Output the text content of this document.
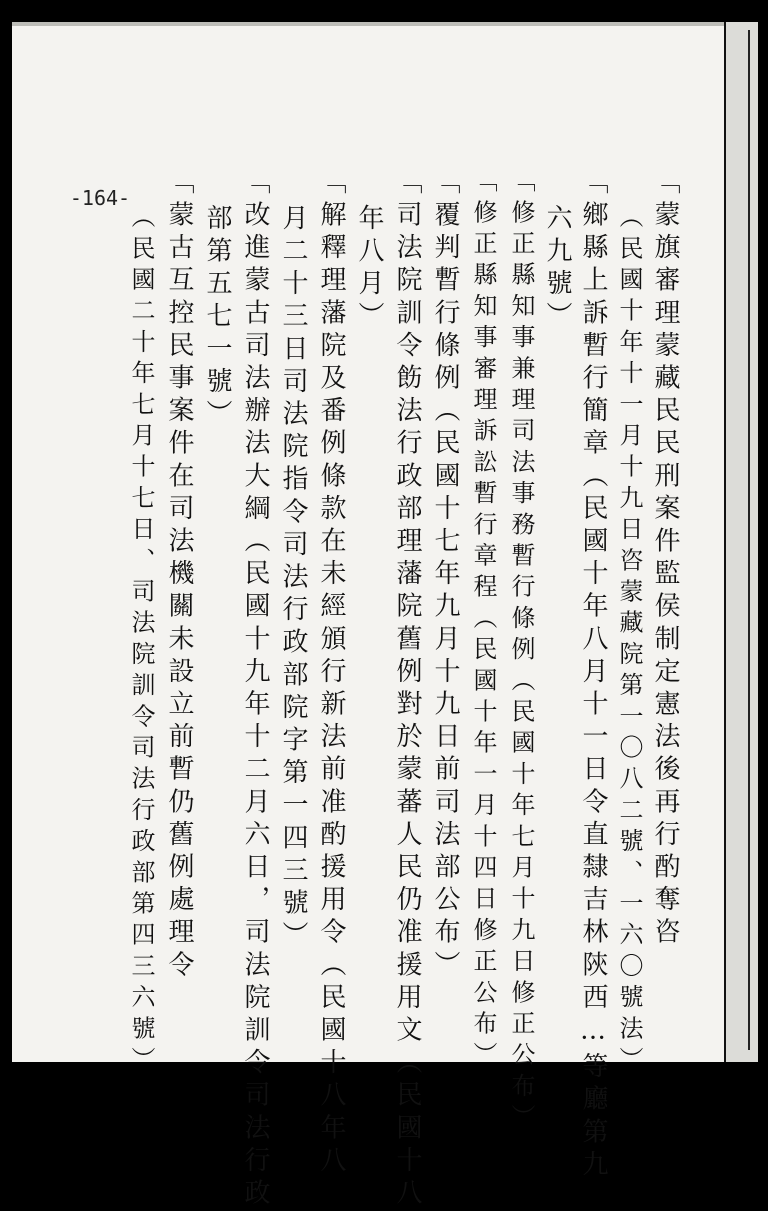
-164-	「蒙旗審理蒙藏民民刑案件監侯制定憲法後再行酌奪咨
（民國十年十一月十九日咨蒙藏院第一〇八二號、一六〇號法）
「鄉縣上訴暫行簡章（民國十年八月十一日令直隸吉林陝西…等廳第九
六九號）
「修正縣知事兼理司法事務暫行條例（民國十年七月十九日修正公布）
「修正縣知事審理訴訟暫行章程（民國十年一月十四日修正公布）
「覆判暫行條例（民國十七年九月十九日前司法部公布）
「司法院訓令飭法行政部理藩院舊例對於蒙蕃人民仍准援用文（民國十八
年八月）
「解釋理藩院及番例條款在未經頒行新法前准酌援用令（民國十八年八
月二十三日司法院指令司法行政部院字第一四三號）
「改進蒙古司法辦法大綱（民國十九年十二月六日，司法院訓令司法行政
部第五七一號）
「蒙古互控民事案件在司法機關未設立前暫仍舊例處理令
（民國二十年七月十七日、司法院訓令司法行政部第四三六號）
